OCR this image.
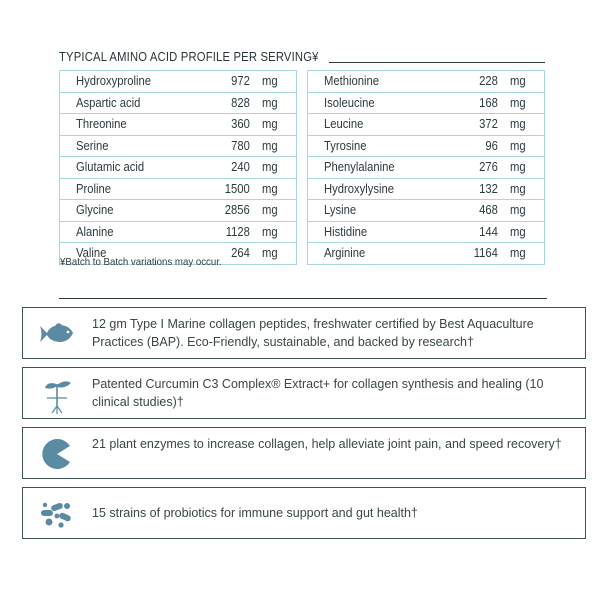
TYPICAL AMINO ACID PROFILE PER SERVING¥
Hydroxyproline	972 mg
Aspartic acid	828 mg
Threonine	360 mg
Serine	780 mg
Glutamic acid	240 mg
Proline	1500 mg
Glycine	2856 mg
Alanine	1128 mg
Valine	264 mg
Methionine	228 mg
Isoleucine	168 mg
Leucine	372 mg
Tyrosine	96 mg
Phenylalanine	276 mg
Hydroxylysine	132 mg
Lysine	468 mg
Histidine	144 mg
Arginine	1164 mg
¥Batch to Batch variations may occur.
12 gm Type I Marine collagen peptides, freshwater certified by Best Aquaculture Practices (BAP). Eco-Friendly, sustainable, and backed by research†
Patented Curcumin C3 Complex® Extract+ for collagen synthesis and healing (10 clinical studies)†
21 plant enzymes to increase collagen, help alleviate joint pain, and speed recovery†
15 strains of probiotics for immune support and gut health†
